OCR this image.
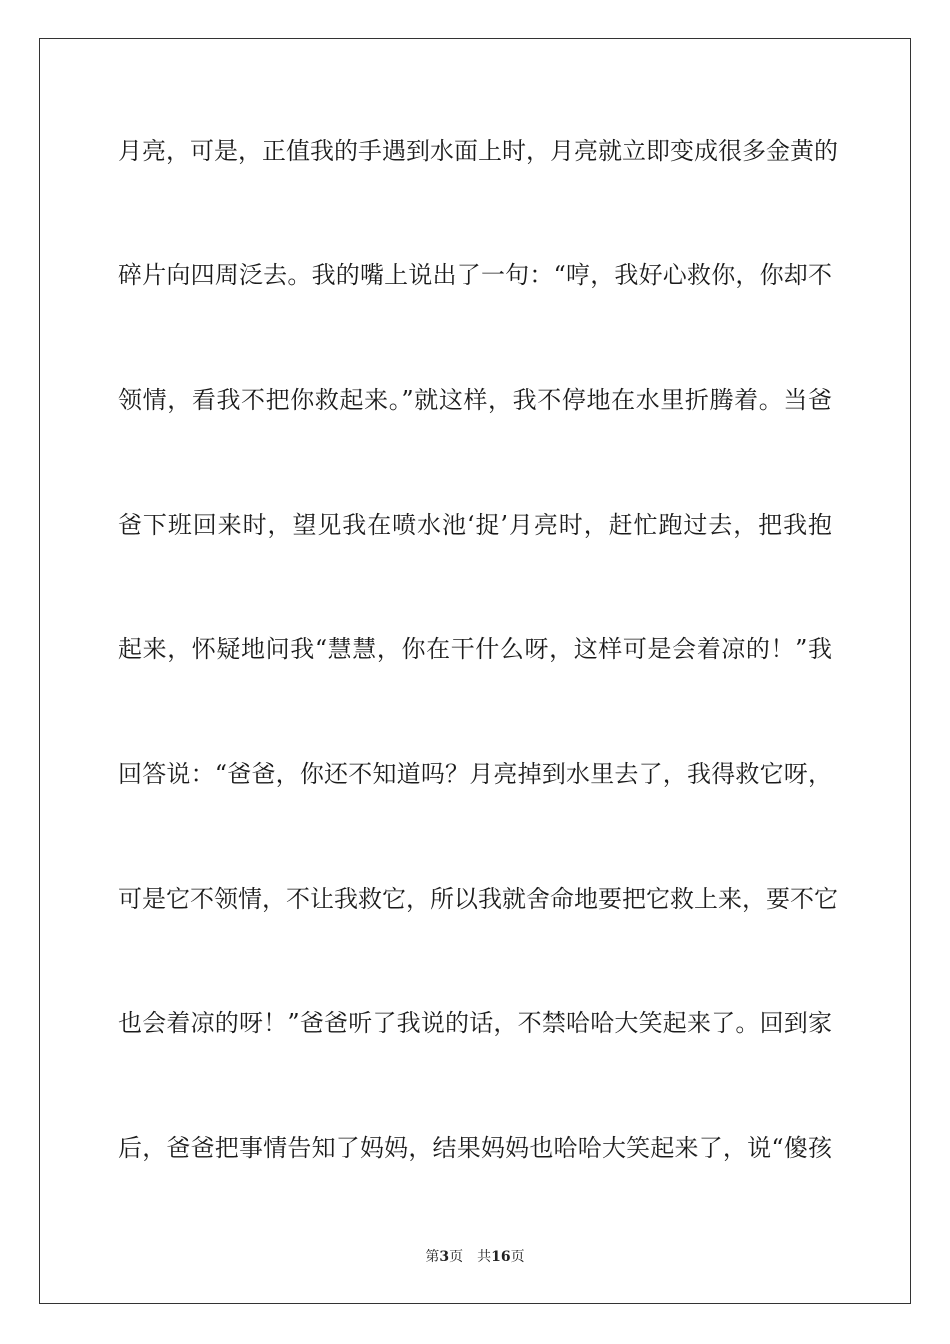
月亮，可是，正值我的手遇到水面上时，月亮就立即变成很多金黄的
碎片向四周泛去。我的嘴上说出了一句：“哼，我好心救你，你却不
领情，看我不把你救起来。”就这样，我不停地在水里折腾着。当爸
爸下班回来时，望见我在喷水池‘捉’月亮时，赶忙跑过去，把我抱
起来，怀疑地问我“慧慧，你在干什么呀，这样可是会着凉的！”我
回答说：“爸爸，你还不知道吗？月亮掉到水里去了，我得救它呀，
可是它不领情，不让我救它，所以我就舍命地要把它救上来，要不它
也会着凉的呀！”爸爸听了我说的话，不禁哈哈大笑起来了。回到家
后，爸爸把事情告知了妈妈，结果妈妈也哈哈大笑起来了，说“傻孩
第3页 共16页
